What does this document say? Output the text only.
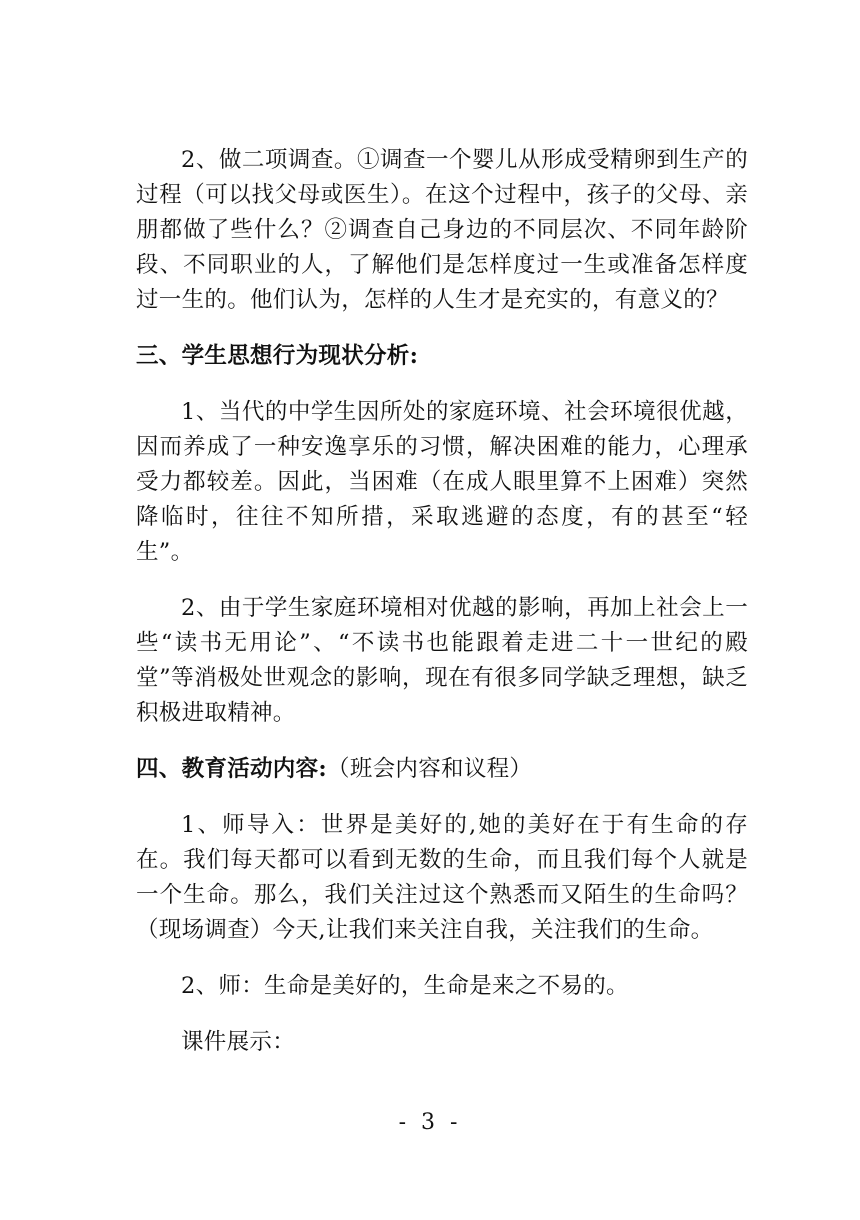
2、做二项调查。①调查一个婴儿从形成受精卵到生产的过程（可以找父母或医生）。在这个过程中，孩子的父母、亲朋都做了些什么？②调查自己身边的不同层次、不同年龄阶段、不同职业的人，了解他们是怎样度过一生或准备怎样度过一生的。他们认为，怎样的人生才是充实的，有意义的？

三、学生思想行为现状分析:

1、当代的中学生因所处的家庭环境、社会环境很优越，因而养成了一种安逸享乐的习惯，解决困难的能力，心理承受力都较差。因此，当困难（在成人眼里算不上困难）突然降临时，往往不知所措，采取逃避的态度，有的甚至“轻生”。

2、由于学生家庭环境相对优越的影响，再加上社会上一些“读书无用论”、“不读书也能跟着走进二十一世纪的殿堂”等消极处世观念的影响，现在有很多同学缺乏理想，缺乏积极进取精神。

四、教育活动内容:（班会内容和议程）

1、师导入：世界是美好的,她的美好在于有生命的存在。我们每天都可以看到无数的生命，而且我们每个人就是一个生命。那么，我们关注过这个熟悉而又陌生的生命吗？（现场调查）今天,让我们来关注自我，关注我们的生命。

2、师：生命是美好的，生命是来之不易的。

课件展示：

- 3 -
